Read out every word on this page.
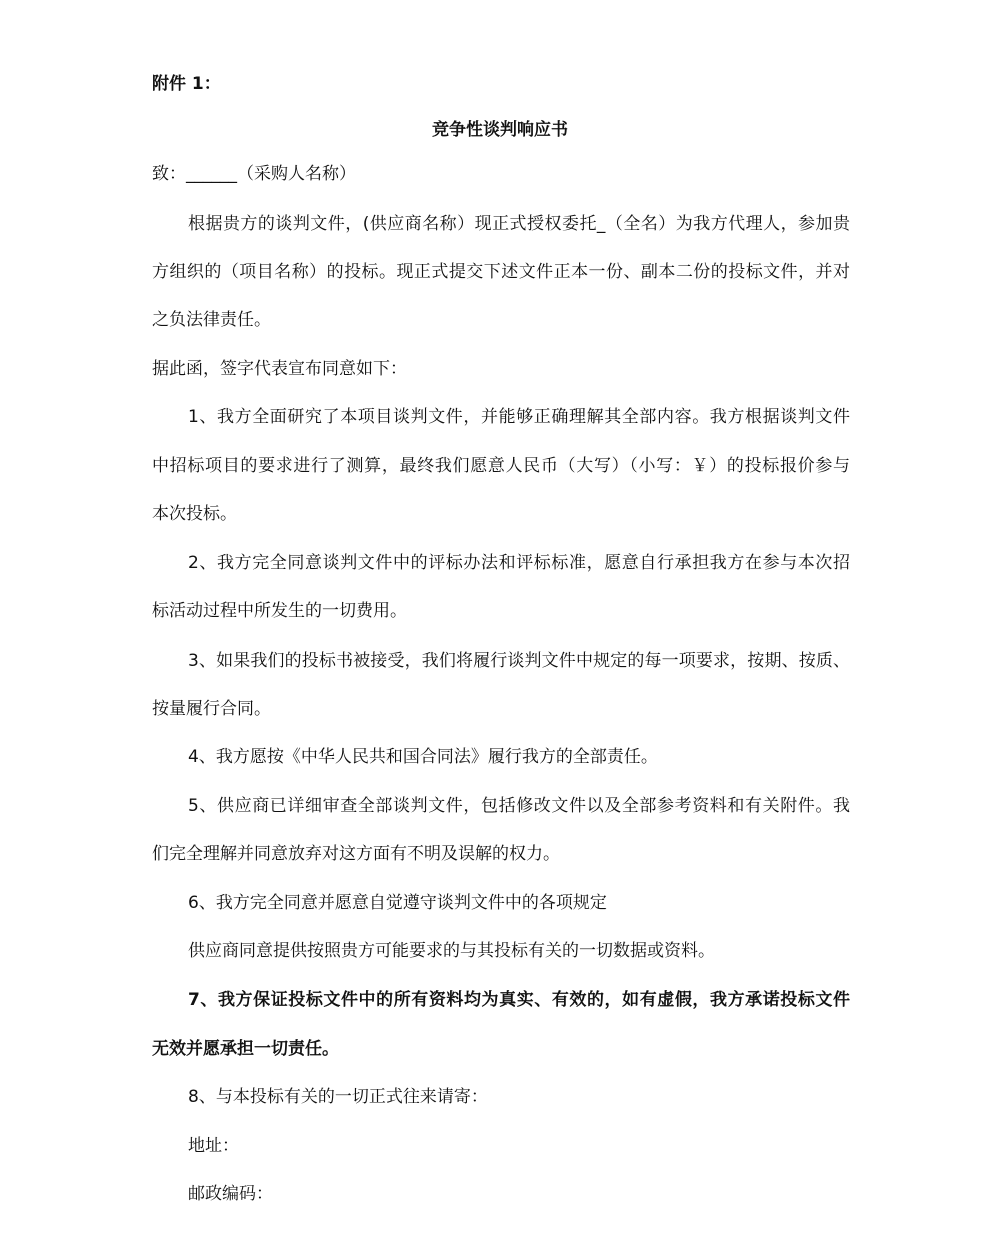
附件 1：
竞争性谈判响应书
致：______（采购人名称）
根据贵方的谈判文件，(供应商名称）现正式授权委托_（全名）为我方代理人，参加贵
方组织的（项目名称）的投标。现正式提交下述文件正本一份、副本二份的投标文件，并对
之负法律责任。
据此函，签字代表宣布同意如下：
1、我方全面研究了本项目谈判文件，并能够正确理解其全部内容。我方根据谈判文件
中招标项目的要求进行了测算，最终我们愿意人民币（大写）（小写：￥）的投标报价参与
本次投标。
2、我方完全同意谈判文件中的评标办法和评标标准，愿意自行承担我方在参与本次招
标活动过程中所发生的一切费用。
3、如果我们的投标书被接受，我们将履行谈判文件中规定的每一项要求，按期、按质、
按量履行合同。
4、我方愿按《中华人民共和国合同法》履行我方的全部责任。
5、供应商已详细审查全部谈判文件，包括修改文件以及全部参考资料和有关附件。我
们完全理解并同意放弃对这方面有不明及误解的权力。
6、我方完全同意并愿意自觉遵守谈判文件中的各项规定
供应商同意提供按照贵方可能要求的与其投标有关的一切数据或资料。
7、我方保证投标文件中的所有资料均为真实、有效的，如有虚假，我方承诺投标文件
无效并愿承担一切责任。
8、与本投标有关的一切正式往来请寄：
地址：
邮政编码：
